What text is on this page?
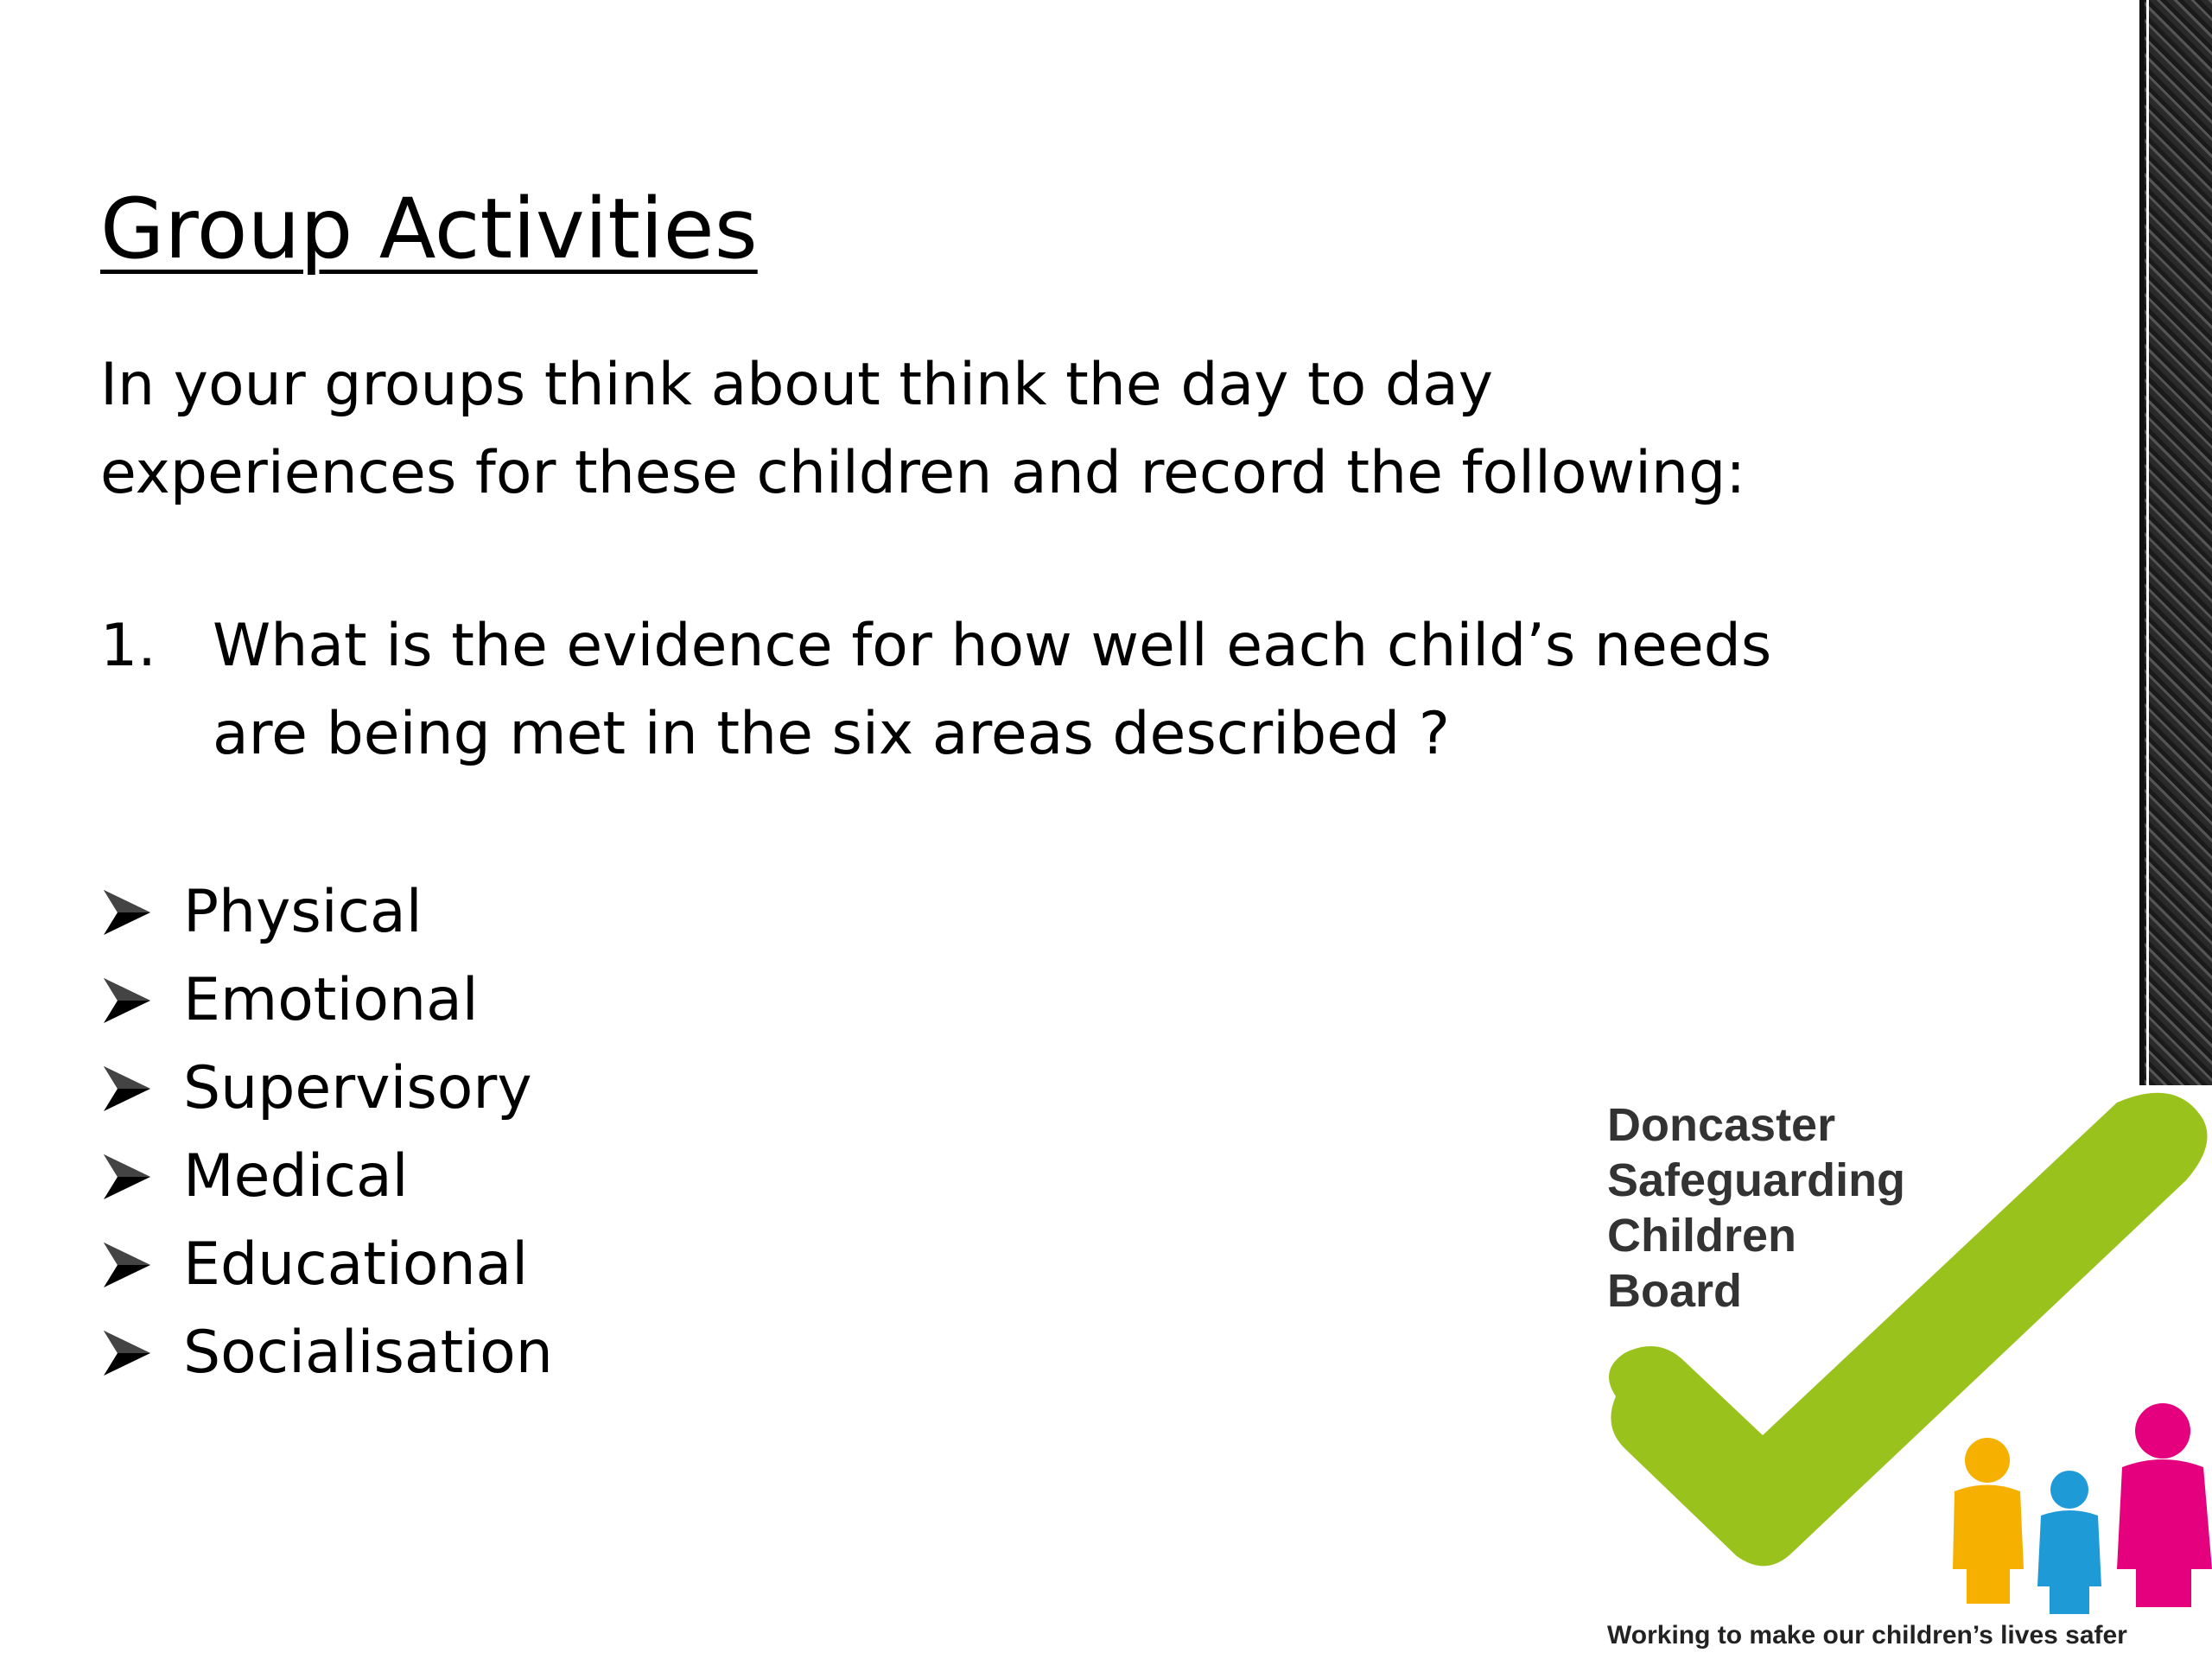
Group Activities

In your groups think about think the day to day
experiences for these children and record the following:

1. What is the evidence for how well each child’s needs are being met in the six areas described ?
Physical
Emotional
Supervisory
Medical
Educational
Socialisation
Doncaster
Safeguarding
Children
Board
Working to make our children’s lives safer
